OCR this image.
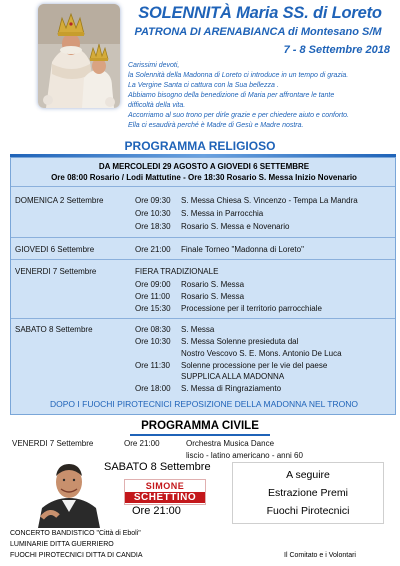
SOLENNITÀ Maria SS. di Loreto
PATRONA DI ARENABIANCA di Montesano S/M
7 - 8 Settembre 2018
Carissimi devoti,
la Solennità della Madonna di Loreto ci introduce in un tempo di grazia.
La Vergine Santa ci cattura con la Sua bellezza .
Abbiamo bisogno della benedizione di Maria per affrontare le tante
difficoltà della vita.
Accorriamo al suo trono per dirle grazie e per chiedere aiuto e conforto.
Ella ci esaudirà perché è Madre di Gesù e Madre nostra.
PROGRAMMA RELIGIOSO
DA MERCOLEDI 29 AGOSTO A GIOVEDI 6 SETTEMBRE
Ore 08:00 Rosario / Lodi Mattutine - Ore 18:30 Rosario S. Messa Inizio Novenario
DOMENICA 2 Settembre	Ore 09:30 S. Messa Chiesa S. Vincenzo - Tempa La Mandra
Ore 10:30 S. Messa in Parrocchia
Ore 18:30 Rosario S. Messa e Novenario
GIOVEDI 6 Settembre	Ore 21:00 Finale Torneo "Madonna di Loreto"
VENERDI 7 Settembre	FIERA TRADIZIONALE
Ore 09:00 Rosario S. Messa
Ore 11:00 Rosario S. Messa
Ore 15:30 Processione per il territorio parrocchiale
SABATO 8 Settembre	Ore 08:30 S. Messa
Ore 10:30 S. Messa Solenne presieduta dal
Nostro Vescovo S. E. Mons. Antonio De Luca
Ore 11:30 Solenne processione per le vie del paese
SUPPLICA ALLA MADONNA
Ore 18:00 S. Messa di Ringraziamento
DOPO I FUOCHI PIROTECNICI REPOSIZIONE DELLA MADONNA NEL TRONO
PROGRAMMA CIVILE
VENERDI 7 Settembre	Ore 21:00	Orchestra Musica Dance
liscio - latino americano - anni 60
SABATO 8 Settembre
SIMONE
SCHETTINO
Ore 21:00
A seguire
Estrazione Premi
Fuochi Pirotecnici
CONCERTO BANDISTICO "Città di Eboli"
LUMINARIE DITTA GUERRIERO
FUOCHI PIROTECNICI DITTA DI CANDIA	Il Comitato e i Volontari
